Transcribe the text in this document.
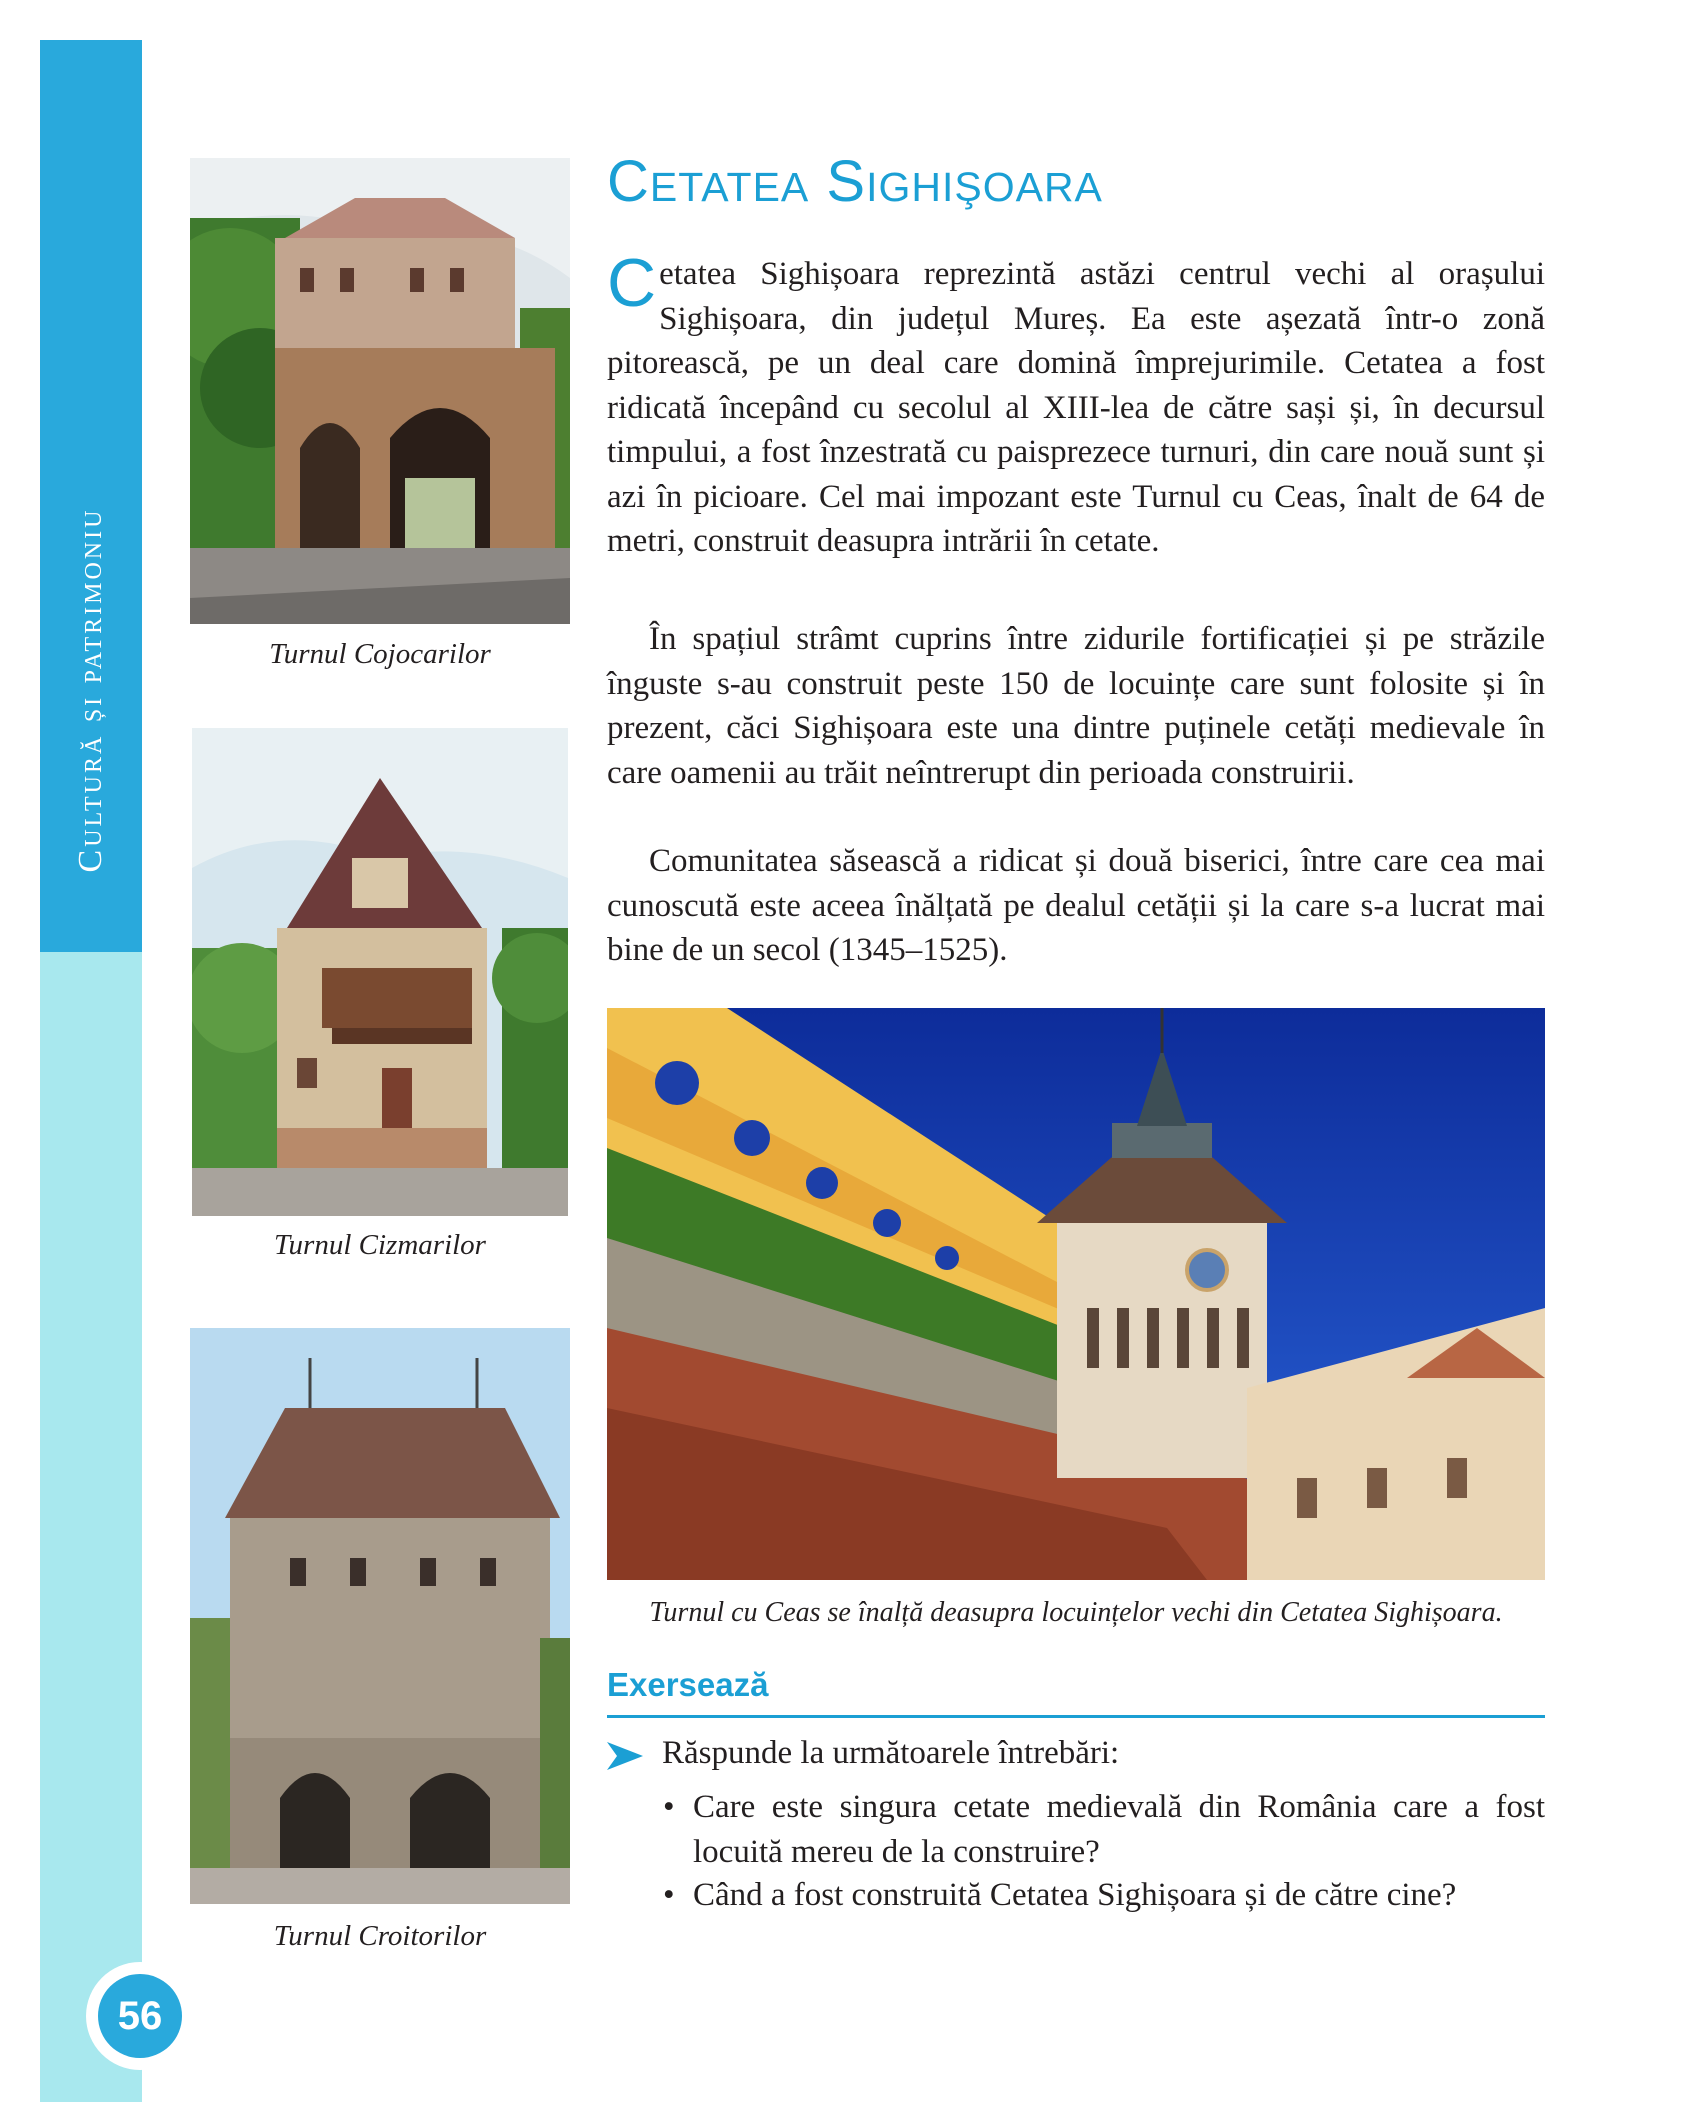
Cultură și patrimoniu
56
Turnul Cojocarilor
Turnul Cizmarilor
Turnul Croitorilor
Cetatea Sighişoara

Cetatea Sighișoara reprezintă astăzi centrul vechi al orașului Sighișoara, din județul Mureș. Ea este așezată într-o zonă pitorească, pe un deal care domină împrejurimile. Cetatea a fost ridicată începând cu secolul al XIII-lea de către sași și, în decursul timpului, a fost înzestrată cu paisprezece turnuri, din care nouă sunt și azi în picioare. Cel mai impozant este Turnul cu Ceas, înalt de 64 de metri, construit deasupra intrării în cetate.

În spațiul strâmt cuprins între zidurile fortificației și pe străzile înguste s-au construit peste 150 de locuințe care sunt folosite și în prezent, căci Sighișoara este una dintre puținele cetăți medievale în care oamenii au trăit neîntrerupt din perioada construirii.

Comunitatea săsească a ridicat și două biserici, între care cea mai cunoscută este aceea înălțată pe dealul cetății și la care s-a lucrat mai bine de un secol (1345–1525).

Turnul cu Ceas se înalță deasupra locuințelor vechi din Cetatea Sighișoara.
Exersează
Răspunde la următoarele întrebări:
• Care este singura cetate medievală din România care a fost locuită mereu de la construire?
• Când a fost construită Cetatea Sighișoara și de către cine?
